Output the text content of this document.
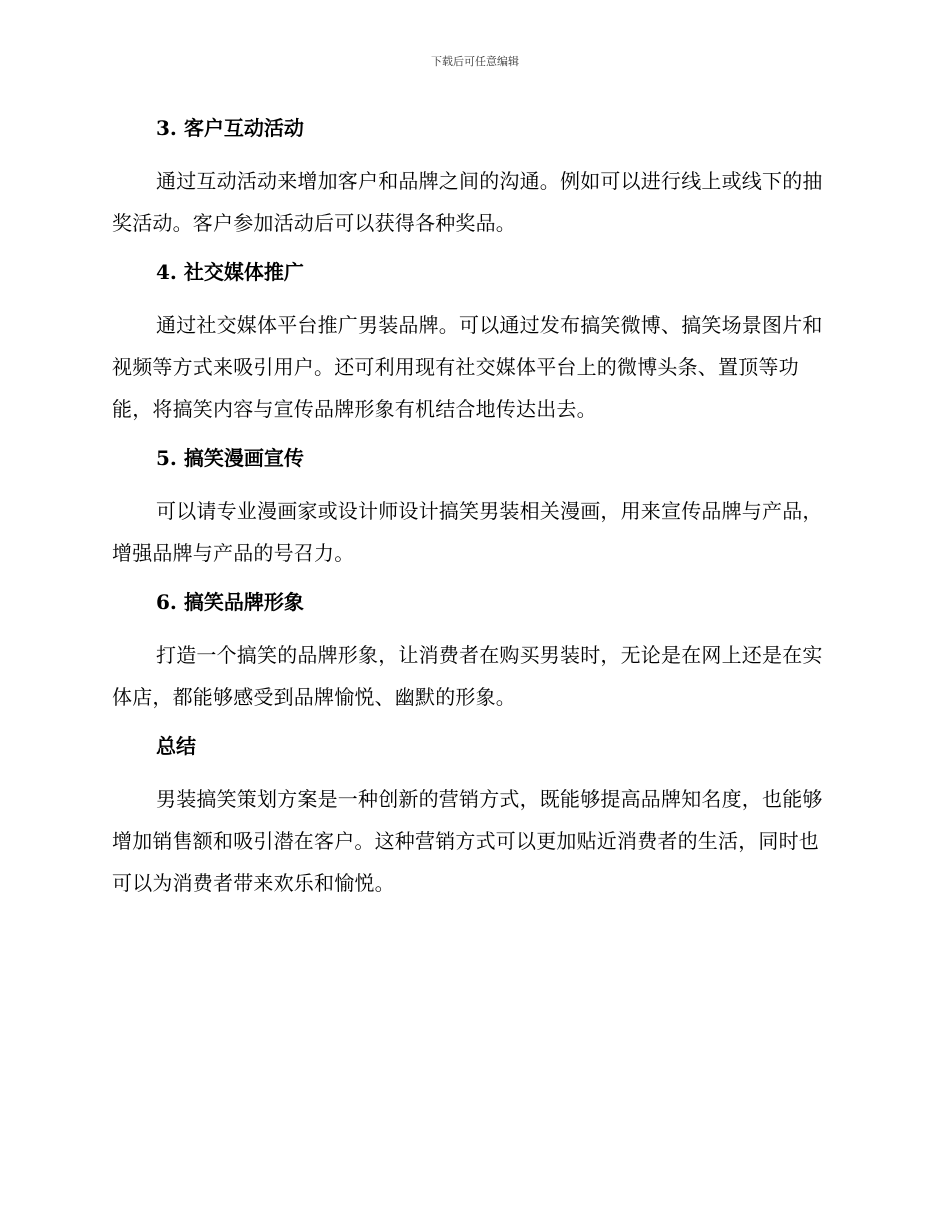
下载后可任意编辑
3. 客户互动活动

通过互动活动来增加客户和品牌之间的沟通。例如可以进行线上或线下的抽奖活动。客户参加活动后可以获得各种奖品。

4. 社交媒体推广

通过社交媒体平台推广男装品牌。可以通过发布搞笑微博、搞笑场景图片和视频等方式来吸引用户。还可利用现有社交媒体平台上的微博头条、置顶等功能，将搞笑内容与宣传品牌形象有机结合地传达出去。

5. 搞笑漫画宣传

可以请专业漫画家或设计师设计搞笑男装相关漫画，用来宣传品牌与产品，增强品牌与产品的号召力。

6. 搞笑品牌形象

打造一个搞笑的品牌形象，让消费者在购买男装时，无论是在网上还是在实体店，都能够感受到品牌愉悦、幽默的形象。

总结

男装搞笑策划方案是一种创新的营销方式，既能够提高品牌知名度，也能够增加销售额和吸引潜在客户。这种营销方式可以更加贴近消费者的生活，同时也可以为消费者带来欢乐和愉悦。
